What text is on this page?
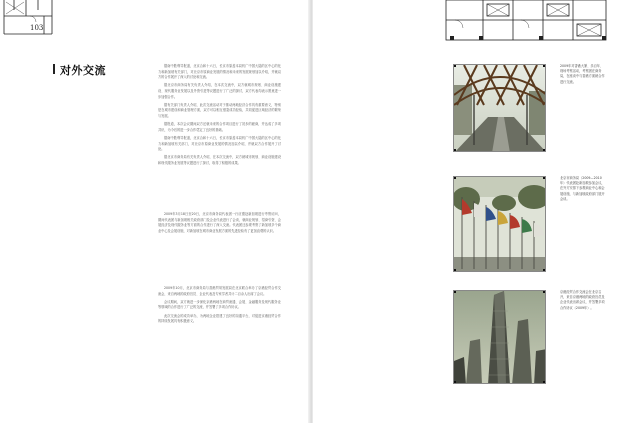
103
对外交流	据南中胜利导报道，北京合和十六日，长京市原盖本局机广中国大陆的区中心的化力和新加坡有关部门，对北京市原商业发展的情况和未来的发展规划加以介绍，并就双方的合作展开了深入的讨论和交流。

据北京市商务局有关负责人介绍，在本次交流中，双方就城市规划、商业设施建设、现代服务业发展以及外资引进等议题进行了广泛的探讨，双方代表均表示愿意进一步加强合作。

据有关部门负责人介绍，此次交流活动对于推动两地经济合作具有重要意义，特别是在城市建设和商业管理方面，双方可以相互借鉴成功经验，共同促进区域经济的繁荣与发展。

据报道，本次会议期间双方还就未来的合作项目进行了初步的磋商，并达成了多项共识，为今后的进一步合作奠定了良好的基础。

据南中胜利导报道，北京合和十六日，长京市原盖本局机广中国大陆的区中心的化力和新加坡有关部门，对北京市原商业发展的情况加以介绍，并就双方合作展开了讨论。

据北京市商务局有关负责人介绍，在本次交流中，双方就城市规划、商业设施建设和现代服务业发展等议题进行了探讨，取得了积极的成果。

2009年3月18日至20日，北京市商务局代表团一行应邀赴新加坡进行考察访问，期间代表团与新加坡相关政府部门及企业代表进行了会谈，就商业规划、招商引资、会展经济及现代服务业等方面的合作进行了深入交流。代表团还参观考察了新加坡多个商业中心及会展设施，对新加坡在城市商业发展方面的先进经验有了更加直观的认识。

2009年10月，北京市商务局与香港贸易发展局在北京联合举办了京港经贸合作交流会，来自两地的政府官员、企业代表及专家学者共计二百余人出席了会议。

会议期间，双方就进一步深化京港两地在商贸流通、会展、金融服务及现代服务业等领域的合作进行了广泛的交流，并签署了多项合作协议。

此次交流会的成功举办，为两地企业搭建了良好的沟通平台，对促进京港经贸合作的持续发展具有积极意义。

2009年对香港大厦、乐百年、现场考察活动，考察团在商务局，在座谈中与香港方面就合作进行交流。
北京市商务局（2009—2010年）代表团赴新加坡参加会议，在外方安排下参观商业中心和会展设施，与新加坡政府部门展开会谈。
京港经贸合作交流会在北京召开，来自京港两地的政府官员及企业代表出席会议，并签署多项合作协议（2009年）。
